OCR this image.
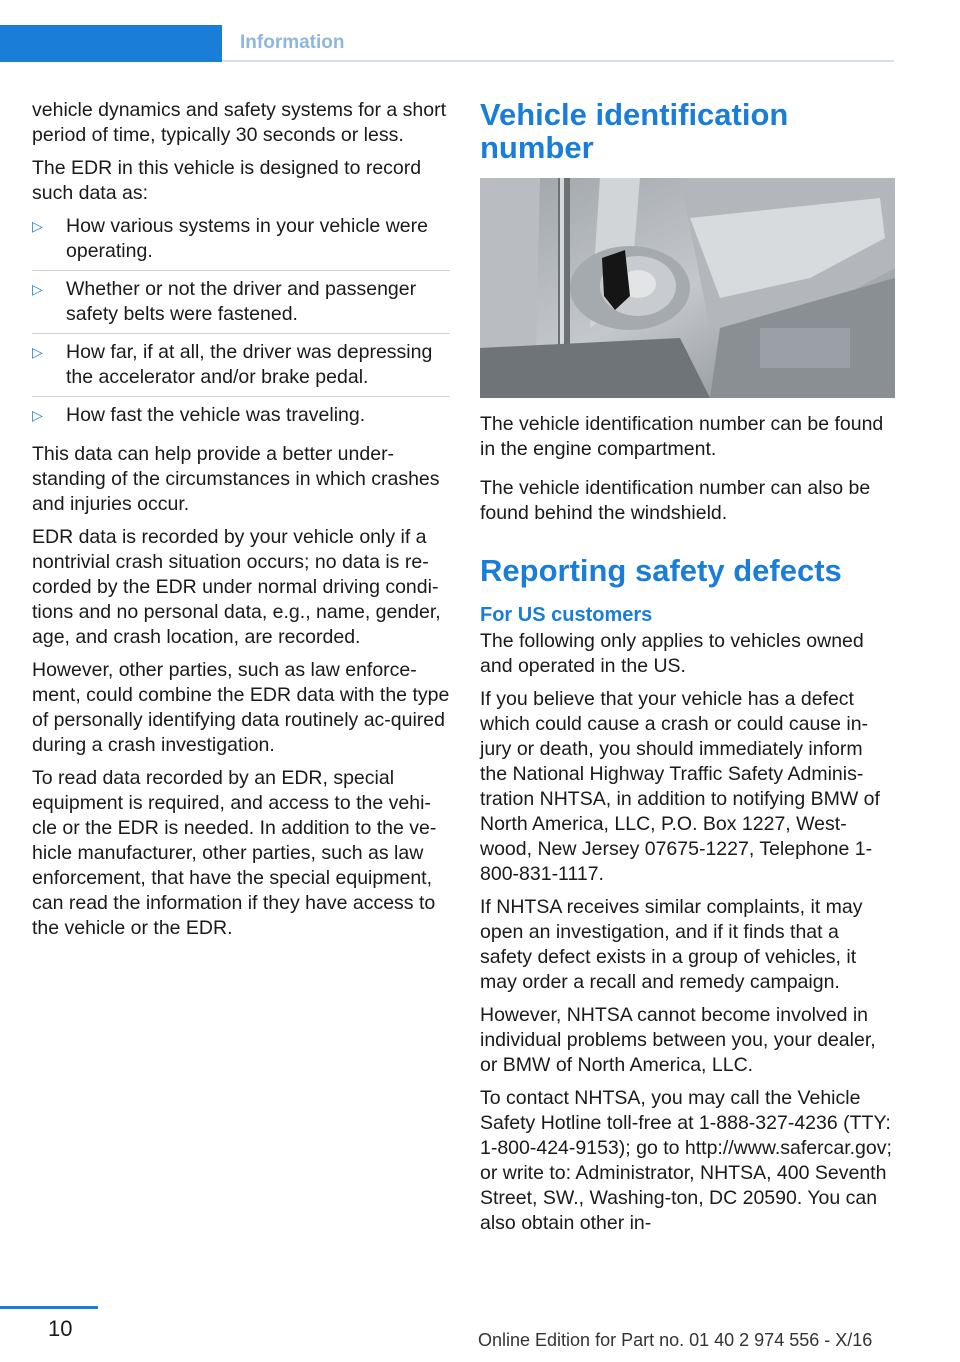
Information

vehicle dynamics and safety systems for a short period of time, typically 30 seconds or less.

The EDR in this vehicle is designed to record such data as:

▷ How various systems in your vehicle were operating.
▷ Whether or not the driver and passenger safety belts were fastened.
▷ How far, if at all, the driver was depressing the accelerator and/or brake pedal.
▷ How fast the vehicle was traveling.

This data can help provide a better under‐standing of the circumstances in which crashes and injuries occur.

EDR data is recorded by your vehicle only if a nontrivial crash situation occurs; no data is re‐corded by the EDR under normal driving condi‐tions and no personal data, e.g., name, gender, age, and crash location, are recorded.

However, other parties, such as law enforce‐ment, could combine the EDR data with the type of personally identifying data routinely ac‐quired during a crash investigation.

To read data recorded by an EDR, special equipment is required, and access to the vehi‐cle or the EDR is needed. In addition to the ve‐hicle manufacturer, other parties, such as law enforcement, that have the special equipment, can read the information if they have access to the vehicle or the EDR.

Vehicle identification number

The vehicle identification number can be found in the engine compartment.

The vehicle identification number can also be found behind the windshield.

Reporting safety defects
For US customers

The following only applies to vehicles owned and operated in the US.

If you believe that your vehicle has a defect which could cause a crash or could cause in‐jury or death, you should immediately inform the National Highway Traffic Safety Adminis‐tration NHTSA, in addition to notifying BMW of North America, LLC, P.O. Box 1227, West‐wood, New Jersey 07675-1227, Telephone 1-800-831-1117.

If NHTSA receives similar complaints, it may open an investigation, and if it finds that a safety defect exists in a group of vehicles, it may order a recall and remedy campaign.

However, NHTSA cannot become involved in individual problems between you, your dealer, or BMW of North America, LLC.

To contact NHTSA, you may call the Vehicle Safety Hotline toll-free at 1-888-327-4236 (TTY: 1-800-424-9153); go to http://www.safercar.gov; or write to: Administrator, NHTSA, 400 Seventh Street, SW., Washing‐ton, DC 20590. You can also obtain other in‐

10	Online Edition for Part no. 01 40 2 974 556 - X/16
